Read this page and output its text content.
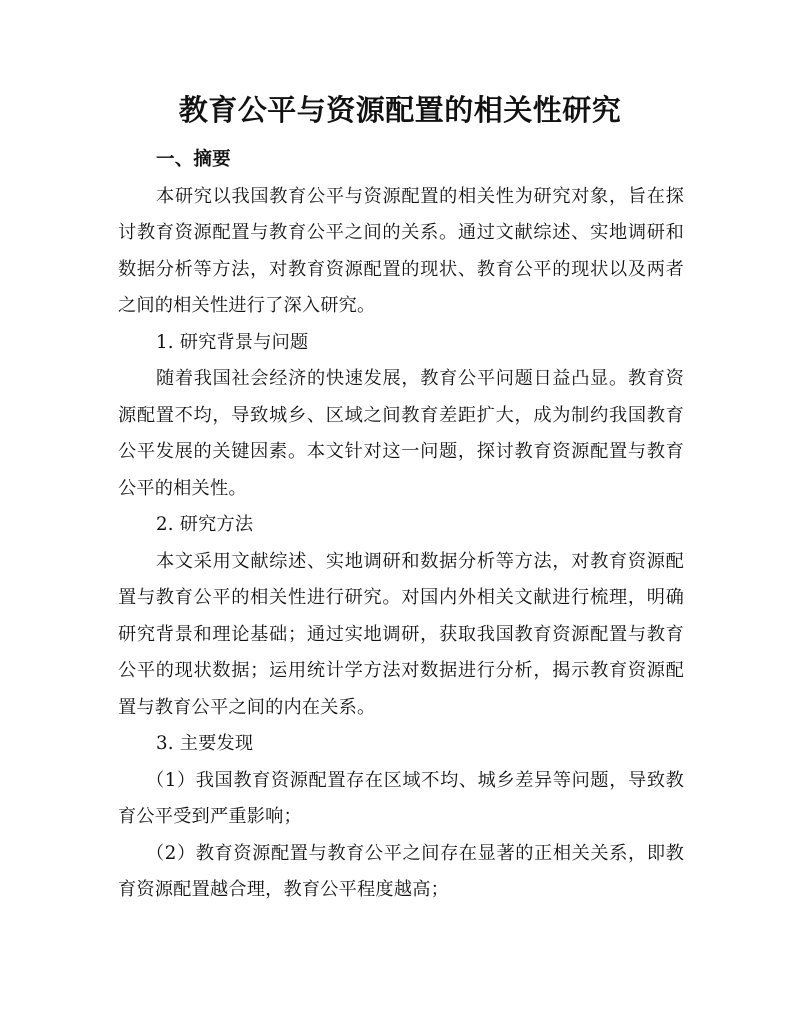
教育公平与资源配置的相关性研究

一、摘要

本研究以我国教育公平与资源配置的相关性为研究对象，旨在探讨教育资源配置与教育公平之间的关系。通过文献综述、实地调研和数据分析等方法，对教育资源配置的现状、教育公平的现状以及两者之间的相关性进行了深入研究。

1. 研究背景与问题

随着我国社会经济的快速发展，教育公平问题日益凸显。教育资源配置不均，导致城乡、区域之间教育差距扩大，成为制约我国教育公平发展的关键因素。本文针对这一问题，探讨教育资源配置与教育公平的相关性。

2. 研究方法

本文采用文献综述、实地调研和数据分析等方法，对教育资源配置与教育公平的相关性进行研究。对国内外相关文献进行梳理，明确研究背景和理论基础；通过实地调研，获取我国教育资源配置与教育公平的现状数据；运用统计学方法对数据进行分析，揭示教育资源配置与教育公平之间的内在关系。

3. 主要发现

（1）我国教育资源配置存在区域不均、城乡差异等问题，导致教育公平受到严重影响；

（2）教育资源配置与教育公平之间存在显著的正相关关系，即教育资源配置越合理，教育公平程度越高；
